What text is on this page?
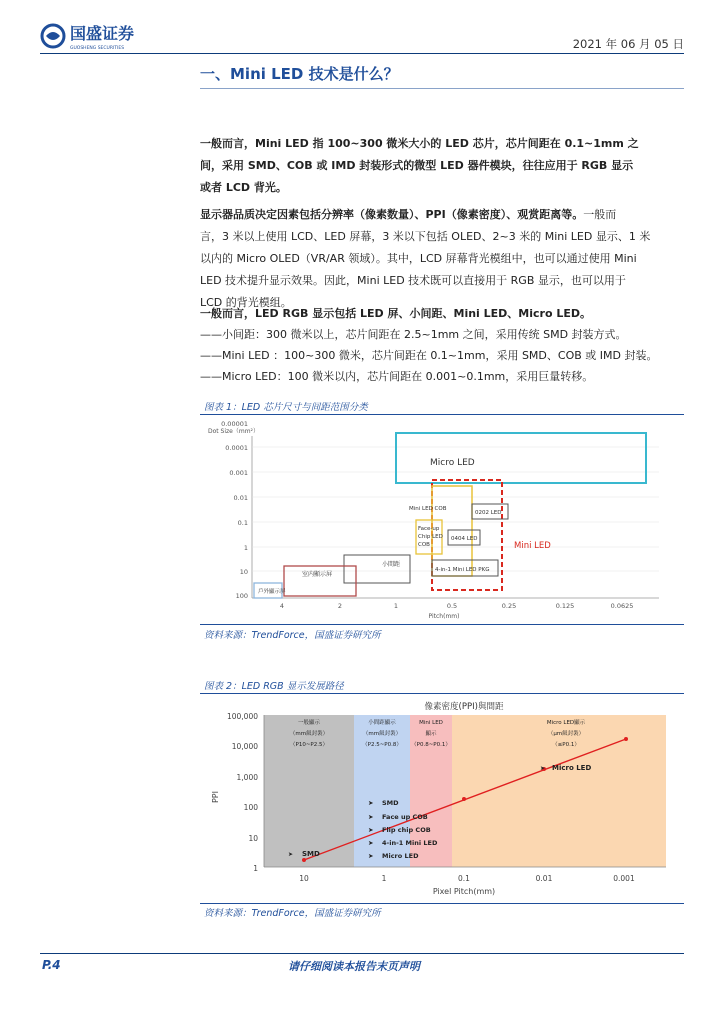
国盛证券
GUOSHENG SECURITIES	2021 年 06 月 05 日
一、Mini LED 技术是什么？
一般而言，Mini LED 指 100~300 微米大小的 LED 芯片，芯片间距在 0.1~1mm 之
间，采用 SMD、COB 或 IMD 封装形式的微型 LED 器件模块，往往应用于 RGB 显示
或者 LCD 背光。
显示器品质决定因素包括分辨率（像素数量）、PPI（像素密度）、观赏距离等。一般而
言，3 米以上使用 LCD、LED 屏幕，3 米以下包括 OLED、2~3 米的 Mini LED 显示、1 米
以内的 Micro OLED（VR/AR 领域）。其中，LCD 屏幕背光模组中，也可以通过使用 Mini
LED 技术提升显示效果。因此，Mini LED 技术既可以直接用于 RGB 显示，也可以用于
LCD 的背光模组。
一般而言，LED RGB 显示包括 LED 屏、小间距、Mini LED、Micro LED。
——小间距：300 微米以上，芯片间距在 2.5~1mm 之间，采用传统 SMD 封装方式。
——Mini LED ：100~300 微米，芯片间距在 0.1~1mm，采用 SMD、COB 或 IMD 封装。
——Micro LED：100 微米以内，芯片间距在 0.001~0.1mm，采用巨量转移。
图表 1：LED 芯片尺寸与间距范围分类
0.00001
0.0001
0.001
0.01
0.1
1
10
100
Dot Size（mm²）
4	2	1	0.5	0.25	0.125	0.0625
Pitch(mm)
Micro LED
Mini LED
Mini LED COB
0202 LED
Face-up
Chip LED
COB
0404 LED
4-in-1 Mini LED PKG
小間距
室内顯示屏
戶外顯示屏
资料来源：TrendForce，国盛证券研究所
图表 2：LED RGB 显示发展路径
像素密度(PPI)與間距
一般顯示
（mm級封裝）
（P10~P2.5）
小間距顯示
（mm級封裝）
（P2.5~P0.8）
Mini LED
顯示
（P0.8~P0.1）
Micro LED顯示
（μm級封裝）
（≤P0.1）
100,000
10,000
1,000
100
10
1
PPI
10	1	0.1	0.01	0.001
Pixel Pitch(mm)
➤ SMD
➤ Micro LED
➤ SMD
➤ Face up COB
➤ Flip chip COB
➤ 4-in-1 Mini LED
➤ Micro LED
资料来源：TrendForce，国盛证券研究所
P.4	请仔细阅读本报告末页声明
